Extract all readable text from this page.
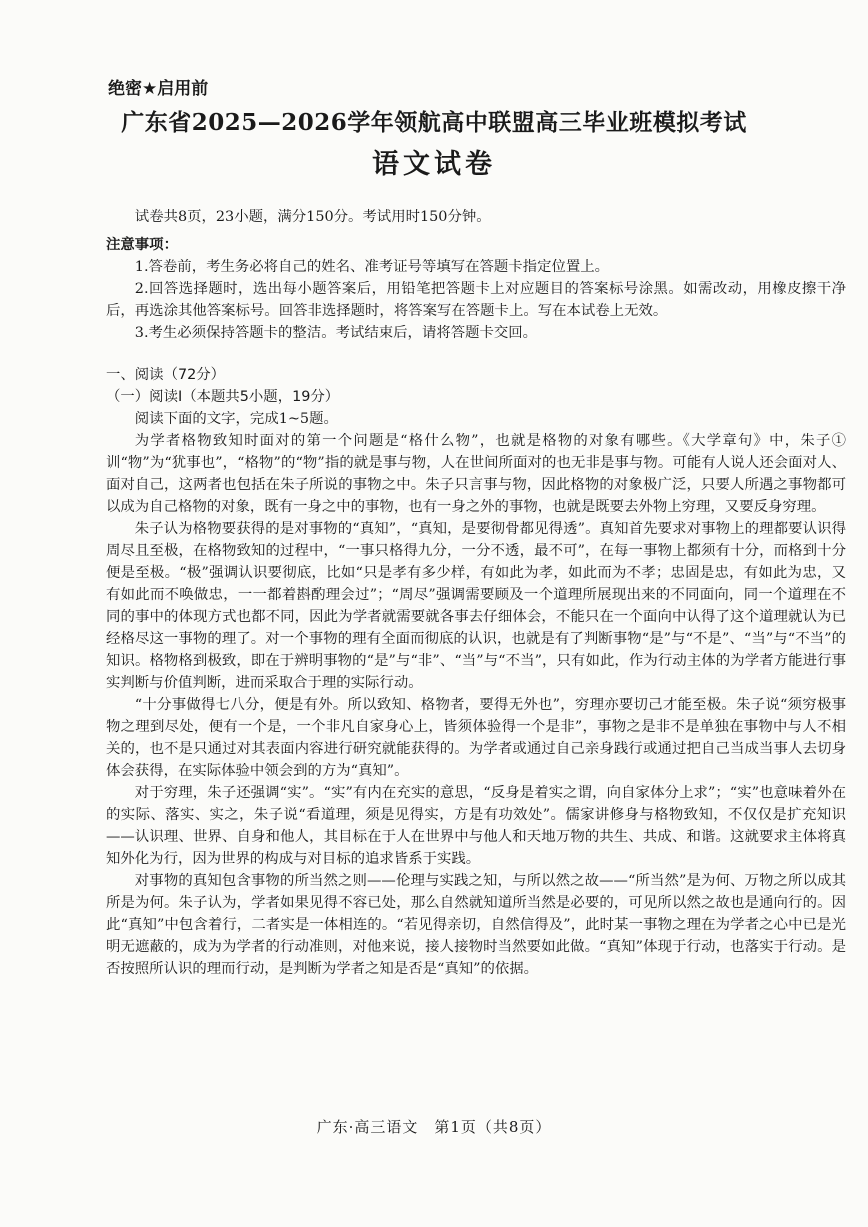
绝密★启用前
广东省2025—2026学年领航高中联盟高三毕业班模拟考试
语文试卷

试卷共8页，23小题，满分150分。考试用时150分钟。

注意事项：

1.答卷前，考生务必将自己的姓名、准考证号等填写在答题卡指定位置上。

2.回答选择题时，选出每小题答案后，用铅笔把答题卡上对应题目的答案标号涂黑。如需改动，用橡皮擦干净后，再选涂其他答案标号。回答非选择题时，将答案写在答题卡上。写在本试卷上无效。

3.考生必须保持答题卡的整洁。考试结束后，请将答题卡交回。

一、阅读（72分）

（一）阅读Ⅰ（本题共5小题，19分）

阅读下面的文字，完成1~5题。

为学者格物致知时面对的第一个问题是“格什么物”，也就是格物的对象有哪些。《大学章句》中，朱子①训“物”为“犹事也”，“格物”的“物”指的就是事与物，人在世间所面对的也无非是事与物。可能有人说人还会面对人、面对自己，这两者也包括在朱子所说的事物之中。朱子只言事与物，因此格物的对象极广泛，只要人所遇之事物都可以成为自己格物的对象，既有一身之中的事物，也有一身之外的事物，也就是既要去外物上穷理，又要反身穷理。

朱子认为格物要获得的是对事物的“真知”，“真知，是要彻骨都见得透”。真知首先要求对事物上的理都要认识得周尽且至极，在格物致知的过程中，“一事只格得九分，一分不透，最不可”，在每一事物上都须有十分，而格到十分便是至极。“极”强调认识要彻底，比如“只是孝有多少样，有如此为孝，如此而为不孝；忠固是忠，有如此为忠，又有如此而不唤做忠，一一都着斟酌理会过”；“周尽”强调需要顾及一个道理所展现出来的不同面向，同一个道理在不同的事中的体现方式也都不同，因此为学者就需要就各事去仔细体会，不能只在一个面向中认得了这个道理就认为已经格尽这一事物的理了。对一个事物的理有全面而彻底的认识，也就是有了判断事物“是”与“不是”、“当”与“不当”的知识。格物格到极致，即在于辨明事物的“是”与“非”、“当”与“不当”，只有如此，作为行动主体的为学者方能进行事实判断与价值判断，进而采取合于理的实际行动。

“十分事做得七八分，便是有外。所以致知、格物者，要得无外也”，穷理亦要切己才能至极。朱子说“须穷极事物之理到尽处，便有一个是，一个非凡自家身心上，皆须体验得一个是非”，事物之是非不是单独在事物中与人不相关的，也不是只通过对其表面内容进行研究就能获得的。为学者或通过自己亲身践行或通过把自己当成当事人去切身体会获得，在实际体验中领会到的方为“真知”。

对于穷理，朱子还强调“实”。“实”有内在充实的意思，“反身是着实之谓，向自家体分上求”；“实”也意味着外在的实际、落实、实之，朱子说“看道理，须是见得实，方是有功效处”。儒家讲修身与格物致知，不仅仅是扩充知识——认识理、世界、自身和他人，其目标在于人在世界中与他人和天地万物的共生、共成、和谐。这就要求主体将真知外化为行，因为世界的构成与对目标的追求皆系于实践。

对事物的真知包含事物的所当然之则——伦理与实践之知，与所以然之故——“所当然”是为何、万物之所以成其所是为何。朱子认为，学者如果见得不容已处，那么自然就知道所当然是必要的，可见所以然之故也是通向行的。因此“真知”中包含着行，二者实是一体相连的。“若见得亲切，自然信得及”，此时某一事物之理在为学者之心中已是光明无遮蔽的，成为为学者的行动准则，对他来说，接人接物时当然要如此做。“真知”体现于行动，也落实于行动。是否按照所认识的理而行动，是判断为学者之知是否是“真知”的依据。

广东·高三语文　第1页（共8页）
